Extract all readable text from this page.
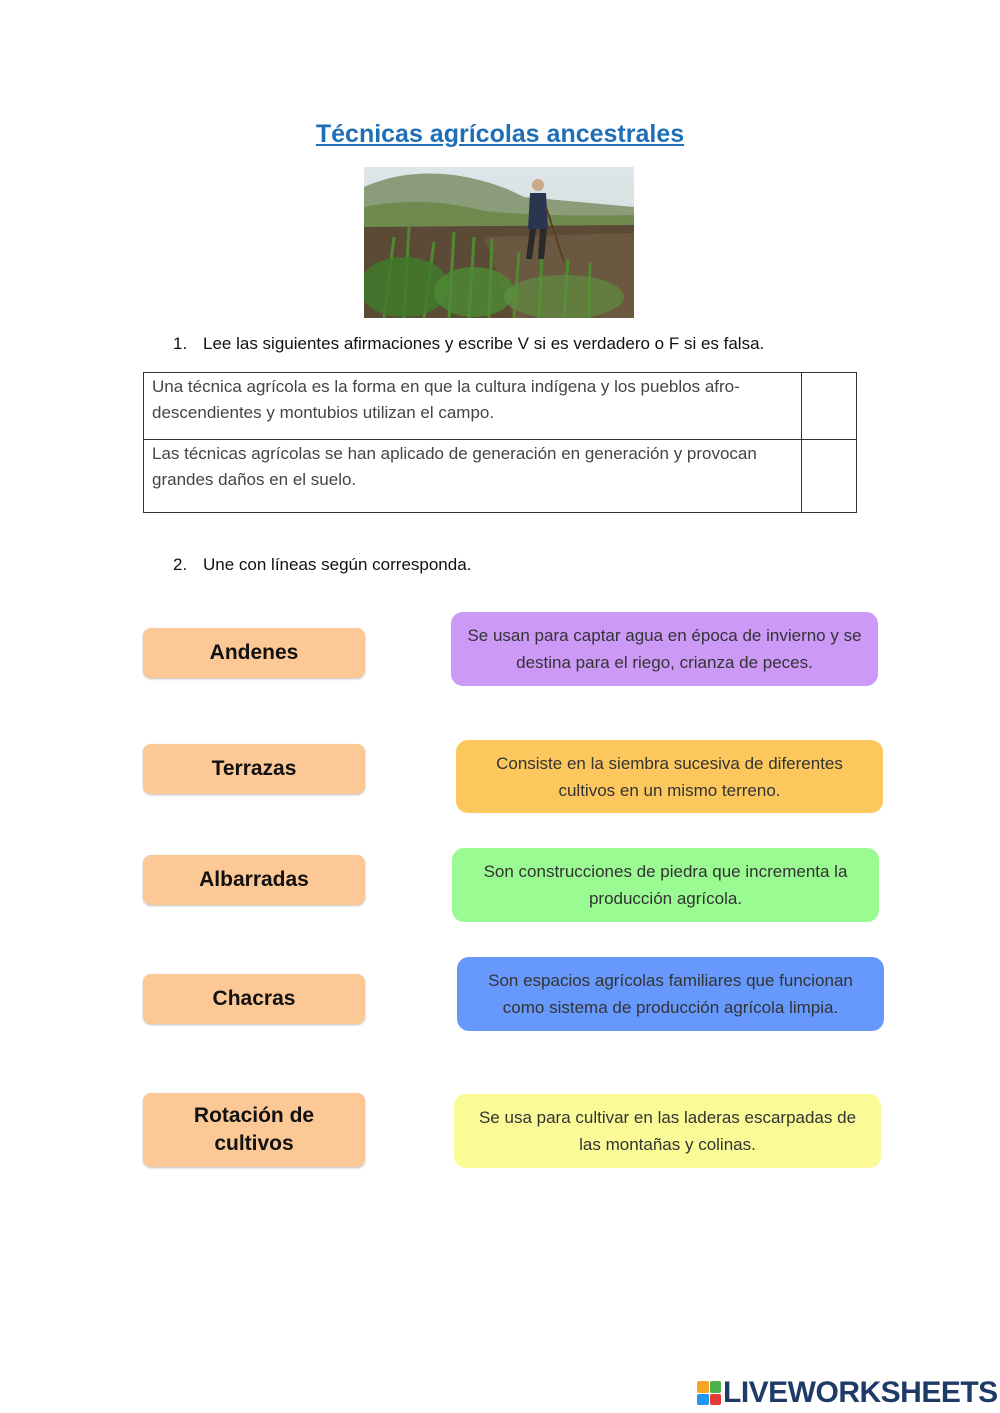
Técnicas agrícolas ancestrales
1. Lee las siguientes afirmaciones y escribe V si es verdadero o F si es falsa.
Una técnica agrícola es la forma en que la cultura indígena y los pueblos afro-descendientes y montubios utilizan el campo.	
Las técnicas agrícolas se han aplicado de generación en generación y provocan grandes daños en el suelo.	
2. Une con líneas según corresponda.
Andenes
Terrazas
Albarradas
Chacras
Rotación de cultivos
Se usan para captar agua en época de invierno y se destina para el riego, crianza de peces.
Consiste en la siembra sucesiva de diferentes cultivos en un mismo terreno.
Son construcciones de piedra que incrementa la producción agrícola.
Son espacios agrícolas familiares que funcionan como sistema de producción agrícola limpia.
Se usa para cultivar en las laderas escarpadas de las montañas y colinas.
LIVEWORKSHEETS
